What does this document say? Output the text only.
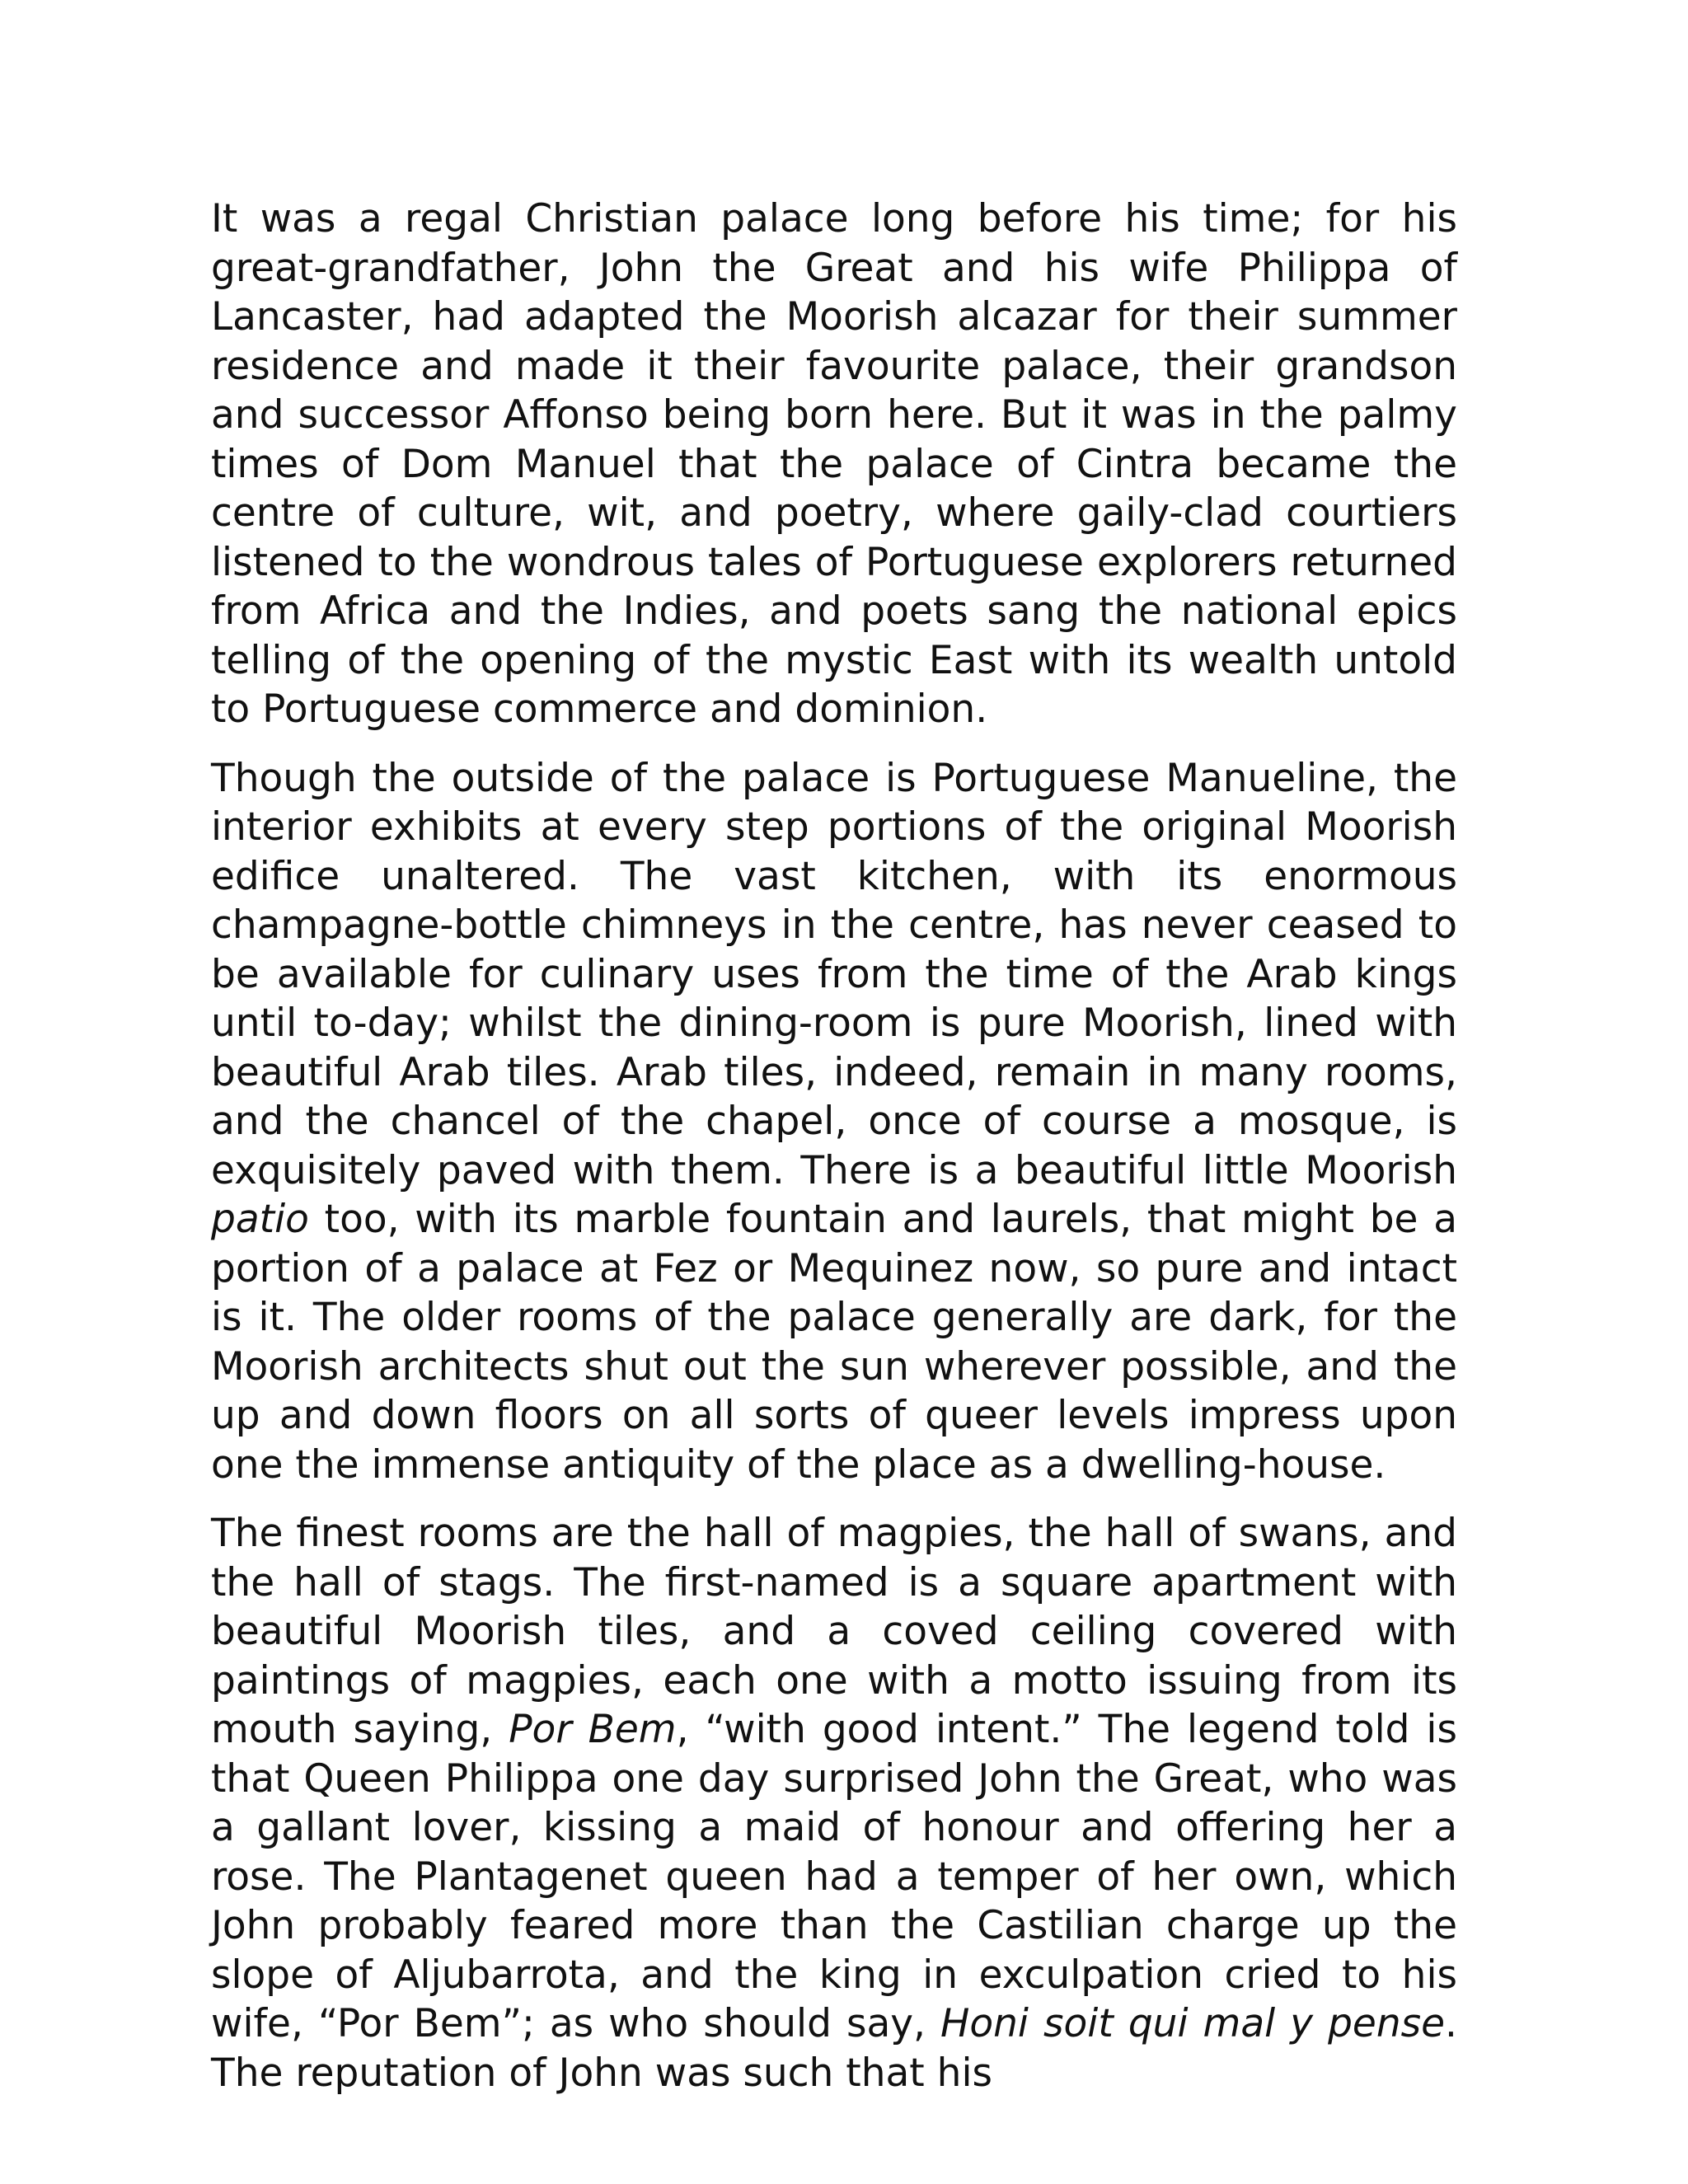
It was a regal Christian palace long before his time; for his great-grandfather, John the Great and his wife Philippa of Lancaster, had adapted the Moorish alcazar for their summer residence and made it their favourite palace, their grandson and successor Affonso being born here. But it was in the palmy times of Dom Manuel that the palace of Cintra became the centre of culture, wit, and poetry, where gaily-clad courtiers listened to the wondrous tales of Portuguese explorers returned from Africa and the Indies, and poets sang the national epics telling of the opening of the mystic East with its wealth untold to Portuguese commerce and dominion.

Though the outside of the palace is Portuguese Manueline, the interior exhibits at every step portions of the original Moorish edifice unaltered. The vast kitchen, with its enormous champagne-bottle chimneys in the centre, has never ceased to be available for culinary uses from the time of the Arab kings until to-day; whilst the dining-room is pure Moorish, lined with beautiful Arab tiles. Arab tiles, indeed, remain in many rooms, and the chancel of the chapel, once of course a mosque, is exquisitely paved with them. There is a beautiful little Moorish patio too, with its marble fountain and laurels, that might be a portion of a palace at Fez or Mequinez now, so pure and intact is it. The older rooms of the palace generally are dark, for the Moorish architects shut out the sun wherever possible, and the up and down floors on all sorts of queer levels impress upon one the immense antiquity of the place as a dwelling-house.

The finest rooms are the hall of magpies, the hall of swans, and the hall of stags. The first-named is a square apartment with beautiful Moorish tiles, and a coved ceiling covered with paintings of magpies, each one with a motto issuing from its mouth saying, Por Bem, “with good intent.” The legend told is that Queen Philippa one day surprised John the Great, who was a gallant lover, kissing a maid of honour and offering her a rose. The Plantagenet queen had a temper of her own, which John probably feared more than the Castilian charge up the slope of Aljubarrota, and the king in exculpation cried to his wife, “Por Bem”; as who should say, Honi soit qui mal y pense. The reputation of John was such that his
